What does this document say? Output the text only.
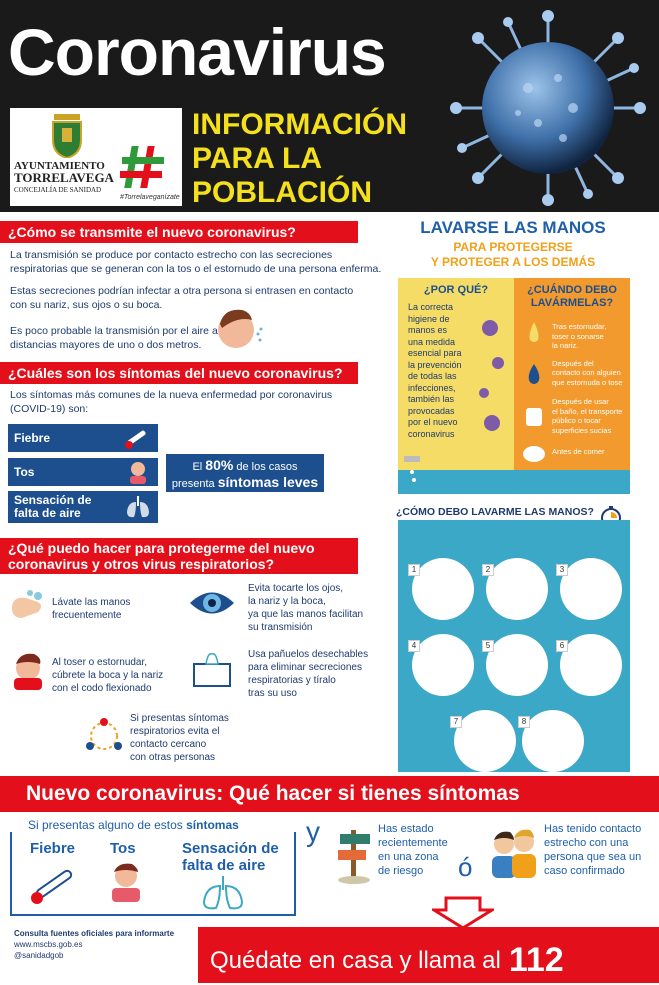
Coronavirus
AYUNTAMIENTO
TORRELAVEGA
CONCEJALÍA DE SANIDAD
#Torrelaveganízate
INFORMACIÓN
PARA LA
POBLACIÓN
¿Cómo se transmite el nuevo coronavirus?
La transmisión se produce por contacto estrecho con las secreciones
respiratorias que se generan con la tos o el estornudo de una persona enferma.
Estas secreciones podrían infectar a otra persona si entrasen en contacto
con su nariz, sus ojos o su boca.
Es poco probable la transmisión por el aire a
distancias mayores de uno o dos metros.
¿Cuáles son los síntomas del nuevo coronavirus?
Los síntomas más comunes de la nueva enfermedad por coronavirus
(COVID-19) son:
Fiebre
Tos
Sensación de
falta de aire
El 80% de los casos
presenta síntomas leves
¿Qué puedo hacer para protegerme del nuevo
coronavirus y otros virus respiratorios?
Lávate las manos
frecuentemente
Evita tocarte los ojos,
la nariz y la boca,
ya que las manos facilitan
su transmisión
Al toser o estornudar,
cúbrete la boca y la nariz
con el codo flexionado
Usa pañuelos desechables
para eliminar secreciones
respiratorias y tíralo
tras su uso
Si presentas síntomas
respiratorios evita el
contacto cercano
con otras personas
LAVARSE LAS MANOS
PARA PROTEGERSE
Y PROTEGER A LOS DEMÁS
¿POR QUÉ?
La correcta
higiene de
manos es
una medida
esencial para
la prevención
de todas las
infecciones,
también las
provocadas
por el nuevo
coronavirus
¿CUÁNDO DEBO
LAVÁRMELAS?
Tras estornudar,
toser o sonarse
la nariz.
Después del
contacto con alguien
que estornuda o tose
Después de usar
el baño, el transporte
público o tocar
superficies sucias
Antes de comer
¿CÓMO DEBO LAVARME LAS MANOS?
1	2	3
4	5	6
7	8
Nuevo coronavirus: Qué hacer si tienes síntomas
Si presentas alguno de estos síntomas
Fiebre Tos	Sensación de
falta de aire
y	Has estado
recientemente
en una zona
de riesgo	ó
Has tenido contacto
estrecho con una
persona que sea un
caso confirmado
Consulta fuentes oficiales para informarte
www.mscbs.gob.es
@sanidadgob	Quédate en casa y llama al 112
